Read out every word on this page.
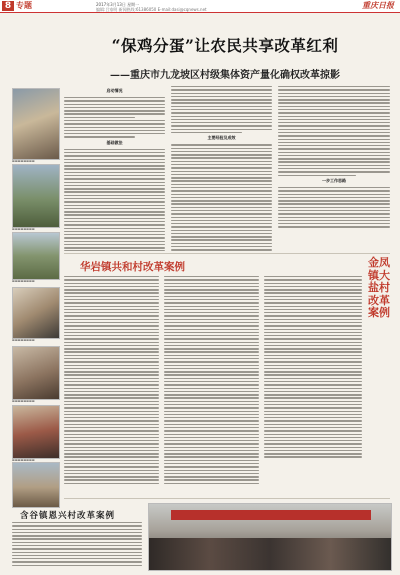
8 专题	2017年3月13日 星期一
编辑:吕家明 新闻热线:61386050 E-mail:dasi@cqnews.net	重庆日报
“保鸡分蛋”让农民共享改革红利
——重庆市九龙坡区村级集体资产量化确权改革掠影
▬▬▬▬▬▬▬▬
▬▬▬▬▬▬▬▬
▬▬▬▬▬▬▬▬
▬▬▬▬▬▬▬▬
▬▬▬▬▬▬▬▬
▬▬▬▬▬▬▬▬
启动情况
基础做法
主要经验及成效
一步工作思路
华岩镇共和村改革案例	金凤镇大盐村改革案例
含谷镇恩兴村改革案例
